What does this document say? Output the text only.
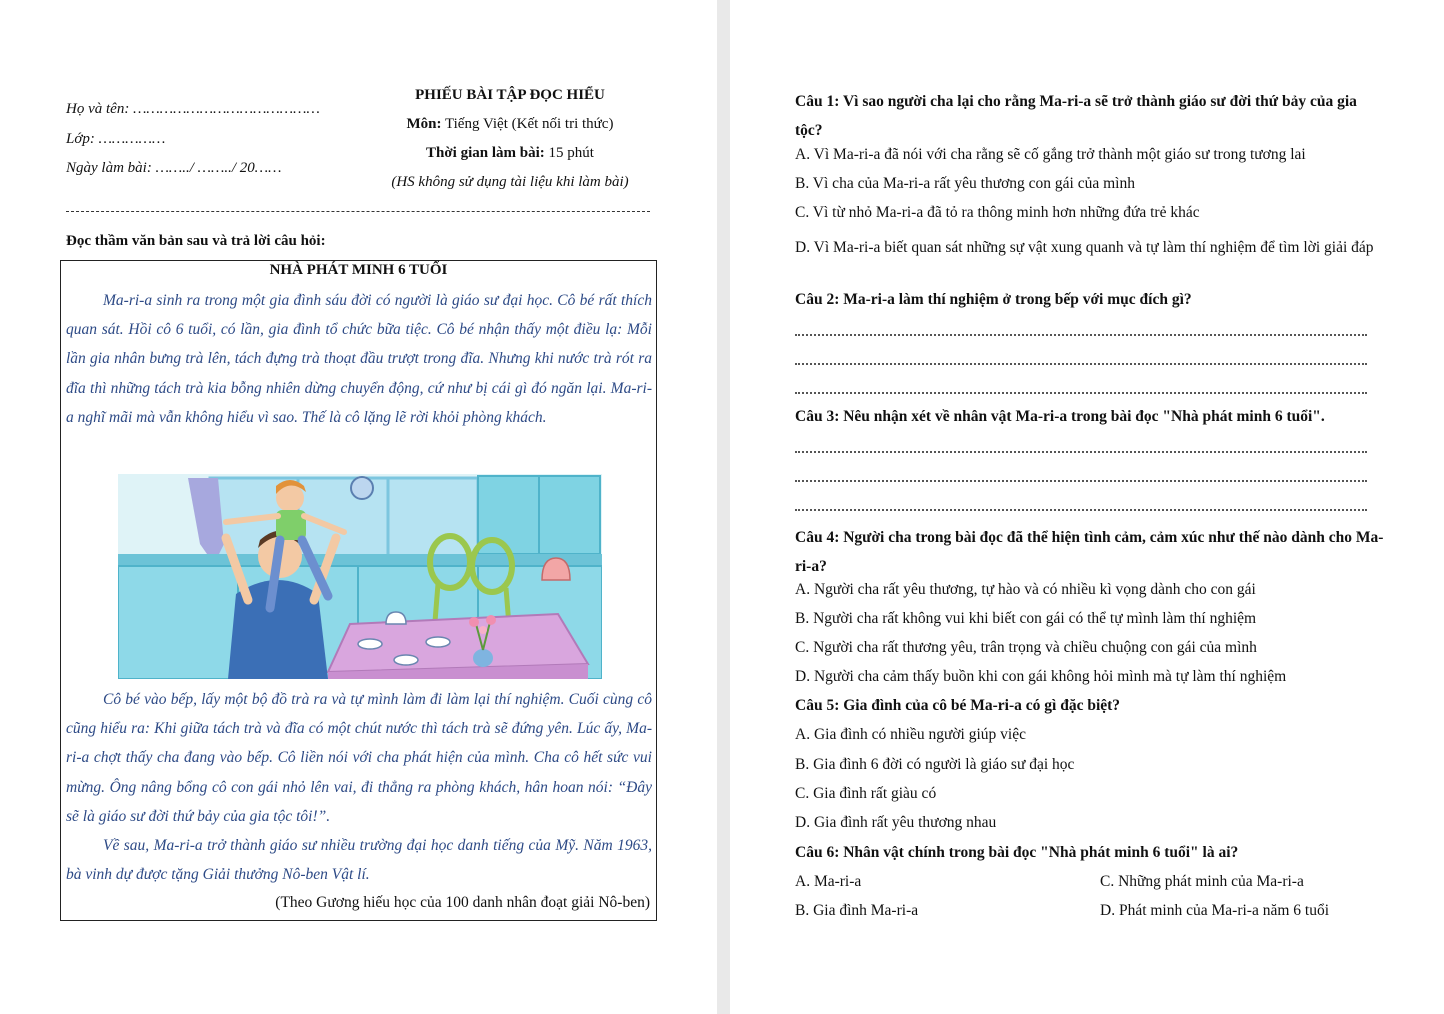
Họ và tên: ……………………………………
Lớp: ……………
Ngày làm bài: ……../ ……../ 20……
PHIẾU BÀI TẬP ĐỌC HIỂU
Môn: Tiếng Việt (Kết nối tri thức)
Thời gian làm bài: 15 phút
(HS không sử dụng tài liệu khi làm bài)
Đọc thầm văn bản sau và trả lời câu hỏi:
NHÀ PHÁT MINH 6 TUỔI

Ma-ri-a sinh ra trong một gia đình sáu đời có người là giáo sư đại học. Cô bé rất thích quan sát. Hồi cô 6 tuổi, có lần, gia đình tổ chức bữa tiệc. Cô bé nhận thấy một điều lạ: Mỗi lần gia nhân bưng trà lên, tách đựng trà thoạt đầu trượt trong đĩa. Nhưng khi nước trà rót ra đĩa thì những tách trà kia bỗng nhiên dừng chuyển động, cứ như bị cái gì đó ngăn lại. Ma-ri-a nghĩ mãi mà vẫn không hiểu vì sao. Thế là cô lặng lẽ rời khỏi phòng khách.

Cô bé vào bếp, lấy một bộ đồ trà ra và tự mình làm đi làm lại thí nghiệm. Cuối cùng cô cũng hiểu ra: Khi giữa tách trà và đĩa có một chút nước thì tách trà sẽ đứng yên. Lúc ấy, Ma-ri-a chợt thấy cha đang vào bếp. Cô liền nói với cha phát hiện của mình. Cha cô hết sức vui mừng. Ông nâng bổng cô con gái nhỏ lên vai, đi thẳng ra phòng khách, hân hoan nói: “Đây sẽ là giáo sư đời thứ bảy của gia tộc tôi!”.

Về sau, Ma-ri-a trở thành giáo sư nhiều trường đại học danh tiếng của Mỹ. Năm 1963, bà vinh dự được tặng Giải thưởng Nô-ben Vật lí.

(Theo Gương hiếu học của 100 danh nhân đoạt giải Nô-ben)
Câu 1: Vì sao người cha lại cho rằng Ma-ri-a sẽ trở thành giáo sư đời thứ bảy của gia tộc?
A. Vì Ma-ri-a đã nói với cha rằng sẽ cố gắng trở thành một giáo sư trong tương lai
B. Vì cha của Ma-ri-a rất yêu thương con gái của mình
C. Vì từ nhỏ Ma-ri-a đã tỏ ra thông minh hơn những đứa trẻ khác
D. Vì Ma-ri-a biết quan sát những sự vật xung quanh và tự làm thí nghiệm để tìm lời giải đáp
Câu 2: Ma-ri-a làm thí nghiệm ở trong bếp với mục đích gì?
Câu 3: Nêu nhận xét về nhân vật Ma-ri-a trong bài đọc "Nhà phát minh 6 tuổi".
Câu 4: Người cha trong bài đọc đã thể hiện tình cảm, cảm xúc như thế nào dành cho Ma-ri-a?
A. Người cha rất yêu thương, tự hào và có nhiều kì vọng dành cho con gái
B. Người cha rất không vui khi biết con gái có thể tự mình làm thí nghiệm
C. Người cha rất thương yêu, trân trọng và chiều chuộng con gái của mình
D. Người cha cảm thấy buồn khi con gái không hỏi mình mà tự làm thí nghiệm
Câu 5: Gia đình của cô bé Ma-ri-a có gì đặc biệt?
A. Gia đình có nhiều người giúp việc
B. Gia đình 6 đời có người là giáo sư đại học
C. Gia đình rất giàu có
D. Gia đình rất yêu thương nhau
Câu 6: Nhân vật chính trong bài đọc "Nhà phát minh 6 tuổi" là ai?
A. Ma-ri-a	C. Những phát minh của Ma-ri-a
B. Gia đình Ma-ri-a	D. Phát minh của Ma-ri-a năm 6 tuổi
